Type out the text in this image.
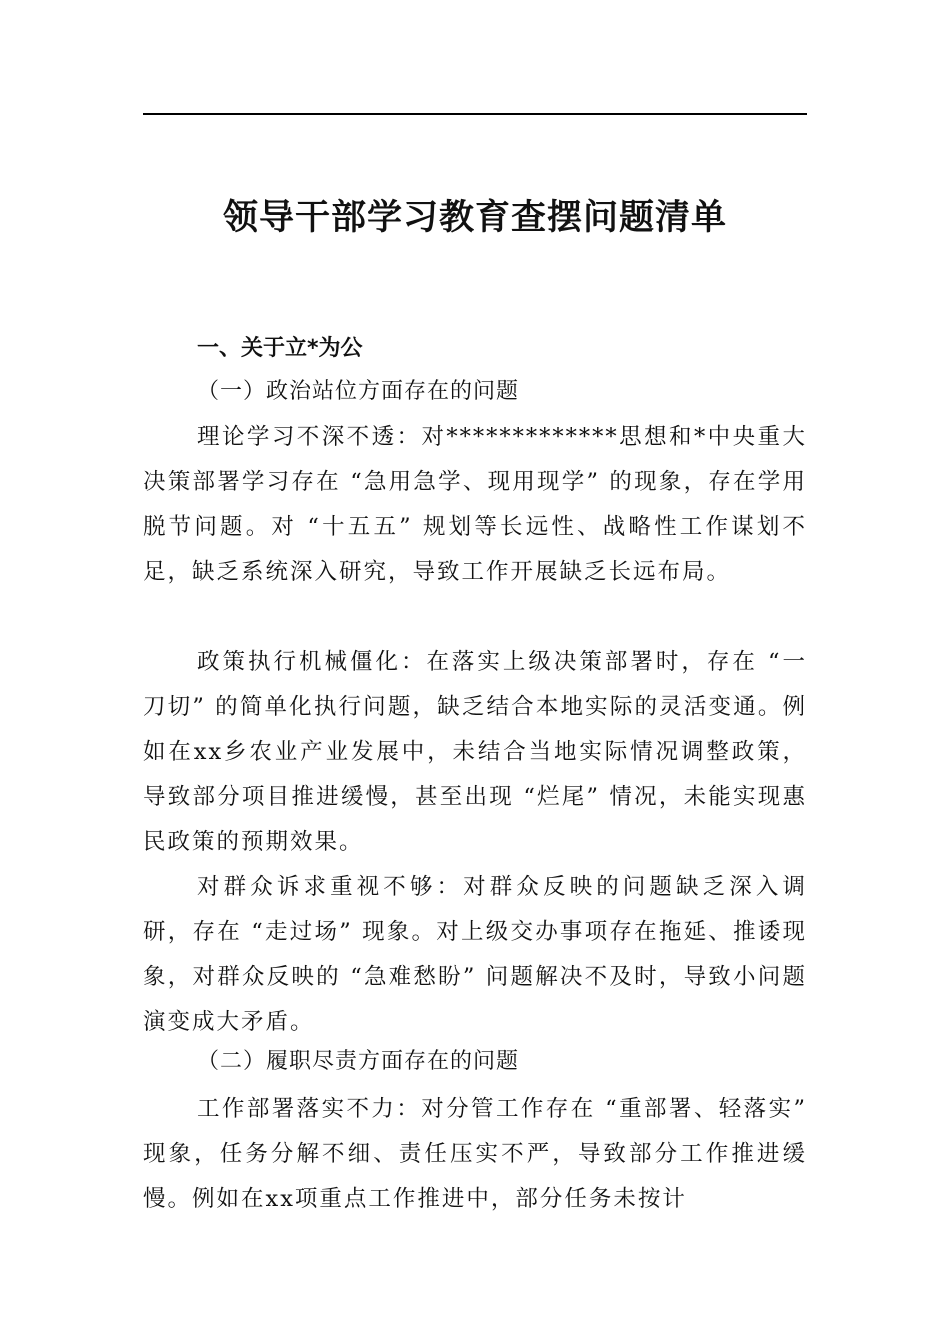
领导干部学习教育查摆问题清单
一、关于立*为公
（一）政治站位方面存在的问题

理论学习不深不透：对*************思想和*中央重大决策部署学习存在 “急用急学、现用现学” 的现象，存在学用脱节问题。对 “十五五” 规划等长远性、战略性工作谋划不足，缺乏系统深入研究，导致工作开展缺乏长远布局。

政策执行机械僵化：在落实上级决策部署时，存在 “一刀切” 的简单化执行问题，缺乏结合本地实际的灵活变通。例如在xx乡农业产业发展中，未结合当地实际情况调整政策，导致部分项目推进缓慢，甚至出现 “烂尾” 情况，未能实现惠民政策的预期效果。

对群众诉求重视不够：对群众反映的问题缺乏深入调研，存在 “走过场” 现象。对上级交办事项存在拖延、推诿现象，对群众反映的 “急难愁盼” 问题解决不及时，导致小问题演变成大矛盾。

（二）履职尽责方面存在的问题

工作部署落实不力：对分管工作存在 “重部署、轻落实” 现象，任务分解不细、责任压实不严，导致部分工作推进缓慢。例如在xx项重点工作推进中，部分任务未按计
